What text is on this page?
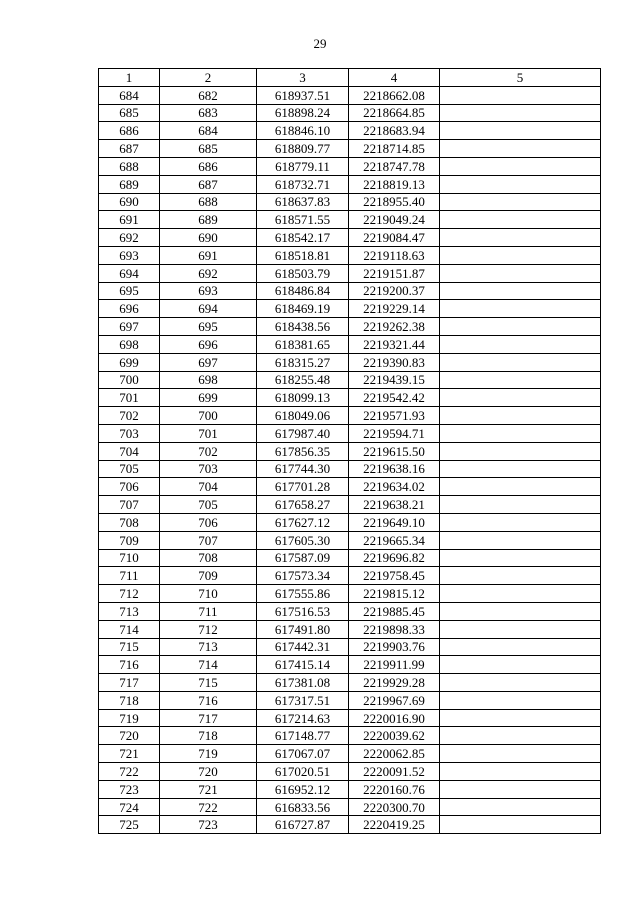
29
1	2	3	4	5
684	682	618937.51	2218662.08	
685	683	618898.24	2218664.85	
686	684	618846.10	2218683.94	
687	685	618809.77	2218714.85	
688	686	618779.11	2218747.78	
689	687	618732.71	2218819.13	
690	688	618637.83	2218955.40	
691	689	618571.55	2219049.24	
692	690	618542.17	2219084.47	
693	691	618518.81	2219118.63	
694	692	618503.79	2219151.87	
695	693	618486.84	2219200.37	
696	694	618469.19	2219229.14	
697	695	618438.56	2219262.38	
698	696	618381.65	2219321.44	
699	697	618315.27	2219390.83	
700	698	618255.48	2219439.15	
701	699	618099.13	2219542.42	
702	700	618049.06	2219571.93	
703	701	617987.40	2219594.71	
704	702	617856.35	2219615.50	
705	703	617744.30	2219638.16	
706	704	617701.28	2219634.02	
707	705	617658.27	2219638.21	
708	706	617627.12	2219649.10	
709	707	617605.30	2219665.34	
710	708	617587.09	2219696.82	
711	709	617573.34	2219758.45	
712	710	617555.86	2219815.12	
713	711	617516.53	2219885.45	
714	712	617491.80	2219898.33	
715	713	617442.31	2219903.76	
716	714	617415.14	2219911.99	
717	715	617381.08	2219929.28	
718	716	617317.51	2219967.69	
719	717	617214.63	2220016.90	
720	718	617148.77	2220039.62	
721	719	617067.07	2220062.85	
722	720	617020.51	2220091.52	
723	721	616952.12	2220160.76	
724	722	616833.56	2220300.70	
725	723	616727.87	2220419.25	
